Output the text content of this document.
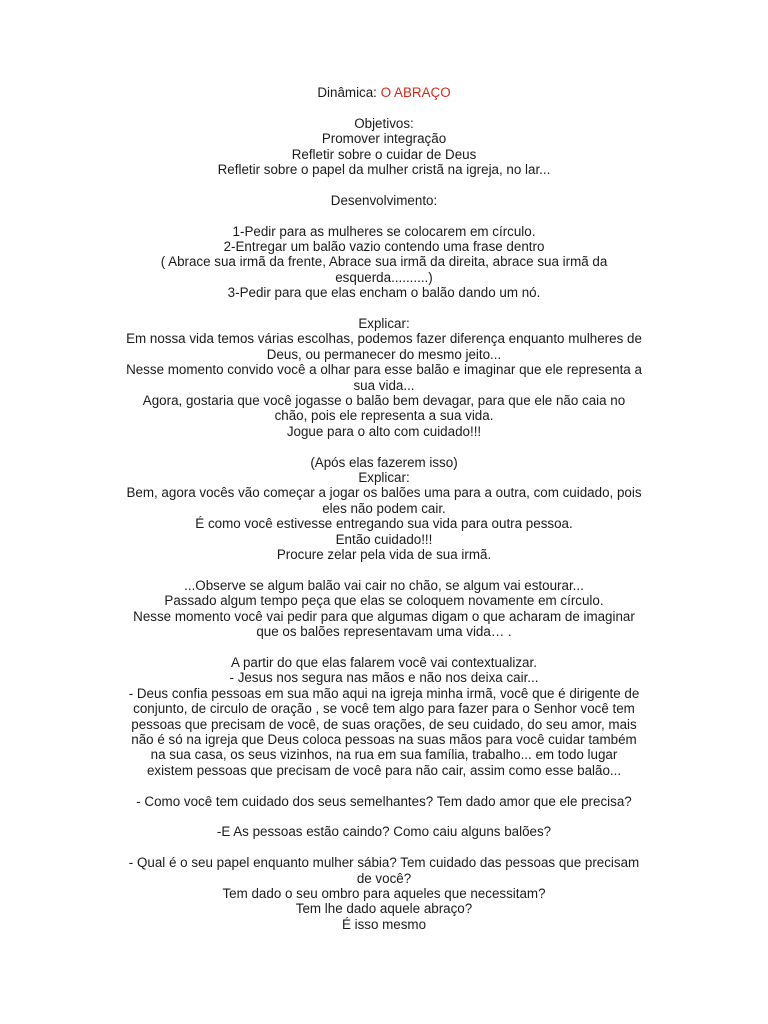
Dinâmica: O ABRAÇO
Objetivos:
Promover integração
Refletir sobre o cuidar de Deus
Refletir sobre o papel da mulher cristã na igreja, no lar...
Desenvolvimento:
1-Pedir para as mulheres se colocarem em círculo.
2-Entregar um balão vazio contendo uma frase dentro
( Abrace sua irmã da frente, Abrace sua irmã da direita, abrace sua irmã da
esquerda..........)
3-Pedir para que elas encham o balão dando um nó.
Explicar:
Em nossa vida temos várias escolhas, podemos fazer diferença enquanto mulheres de
Deus, ou permanecer do mesmo jeito...
Nesse momento convido você a olhar para esse balão e imaginar que ele representa a
sua vida...
Agora, gostaria que você jogasse o balão bem devagar, para que ele não caia no
chão, pois ele representa a sua vida.
Jogue para o alto com cuidado!!!
(Após elas fazerem isso)
Explicar:
Bem, agora vocês vão começar a jogar os balões uma para a outra, com cuidado, pois
eles não podem cair.
É como você estivesse entregando sua vida para outra pessoa.
Então cuidado!!!
Procure zelar pela vida de sua irmã.
...Observe se algum balão vai cair no chão, se algum vai estourar...
Passado algum tempo peça que elas se coloquem novamente em círculo.
Nesse momento você vai pedir para que algumas digam o que acharam de imaginar
que os balões representavam uma vida… .
A partir do que elas falarem você vai contextualizar.
- Jesus nos segura nas mãos e não nos deixa cair...
- Deus confia pessoas em sua mão aqui na igreja minha irmã, você que é dirigente de
conjunto, de circulo de oração , se você tem algo para fazer para o Senhor você tem
pessoas que precisam de você, de suas orações, de seu cuidado, do seu amor, mais
não é só na igreja que Deus coloca pessoas na suas mãos para você cuidar também
na sua casa, os seus vizinhos, na rua em sua família, trabalho... em todo lugar
existem pessoas que precisam de você para não cair, assim como esse balão...
- Como você tem cuidado dos seus semelhantes? Tem dado amor que ele precisa?
-E As pessoas estão caindo? Como caiu alguns balões?
- Qual é o seu papel enquanto mulher sábia? Tem cuidado das pessoas que precisam
de você?
Tem dado o seu ombro para aqueles que necessitam?
Tem lhe dado aquele abraço?
É isso mesmo
